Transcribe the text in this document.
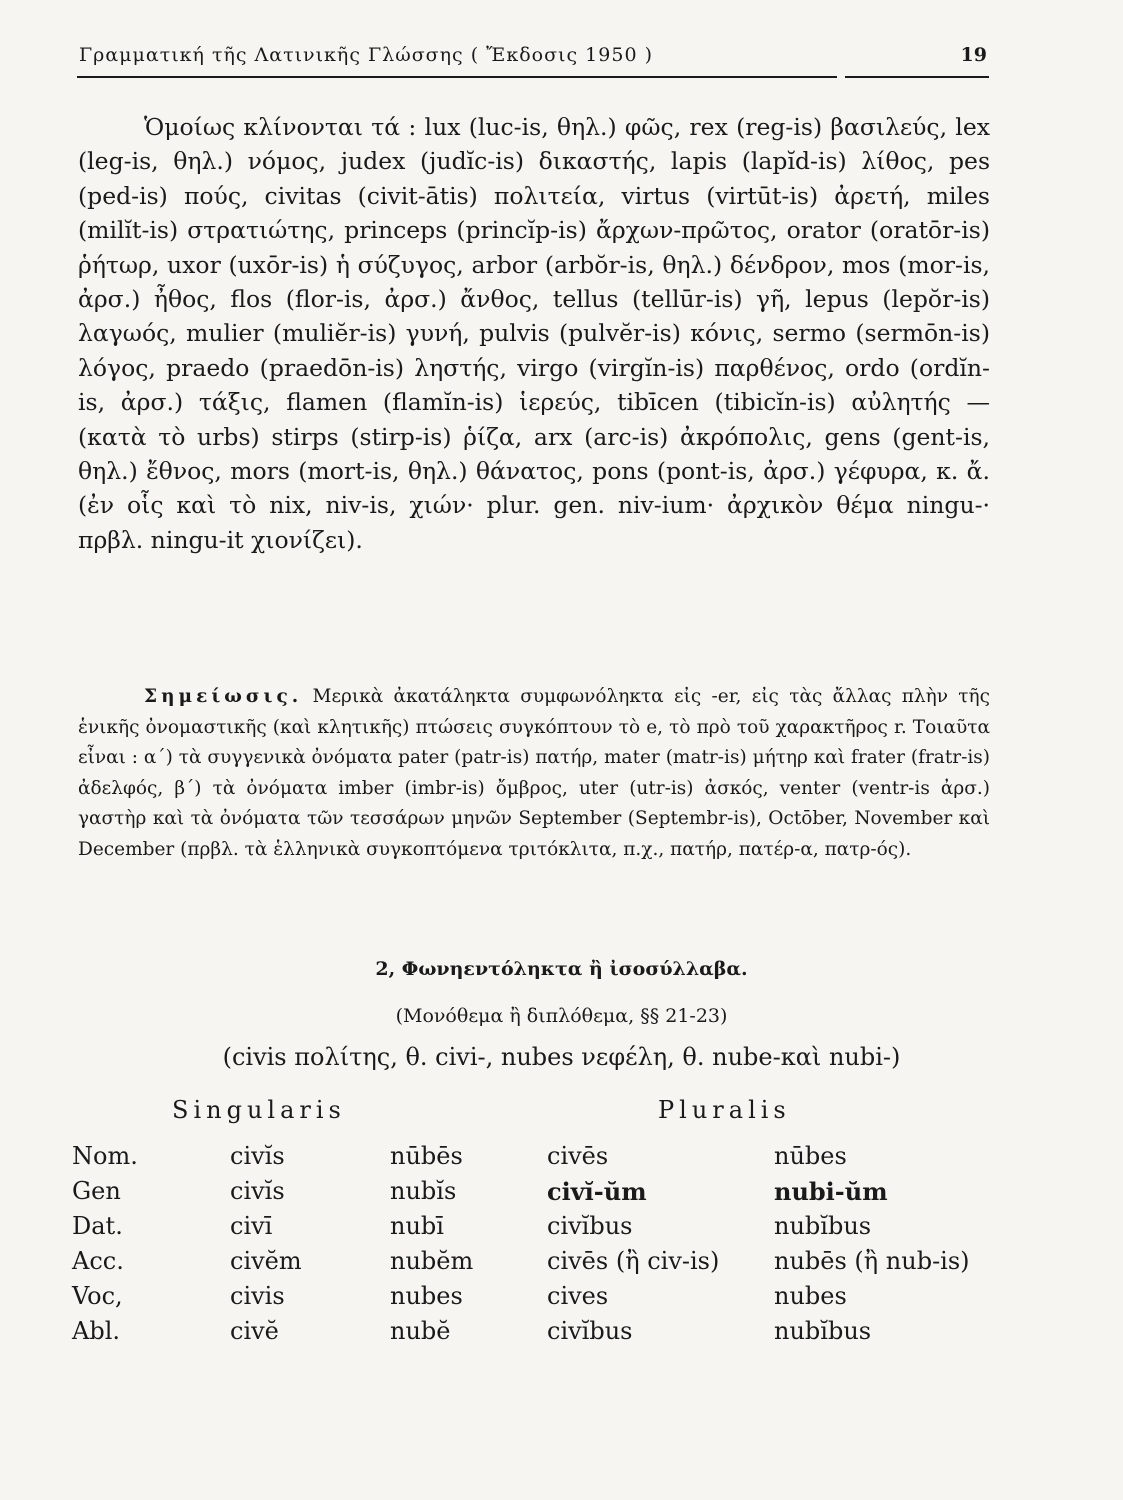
Γραμματική τῆς Λατινικῆς Γλώσσης ( Ἔκδοσις 1950 )	19

Ὁμοίως κλίνονται τά : lux (luc-is, θηλ.) φῶς, rex (reg-is) βασιλεύς, lex (leg-is, θηλ.) νόμος, judex (judĭc-is) δικαστής, lapis (lapĭd-is) λίθος, pes (ped-is) πούς, civitas (civit-ātis) πολιτεία, virtus (virtūt-is) ἀρετή, miles (milĭt-is) στρατιώτης, princeps (princĭp-is) ἄρχων-πρῶτος, orator (oratōr-is) ῥήτωρ, uxor (uxōr-is) ἡ σύζυγος, arbor (arbŏr-is, θηλ.) δένδρον, mos (mor-is, ἀρσ.) ἦθος, flos (flor-is, ἀρσ.) ἄνθος, tellus (tellūr-is) γῆ, lepus (lepŏr-is) λαγωός, mulier (muliĕr-is) γυνή, pulvis (pulvĕr-is) κόνις, sermo (sermōn-is) λόγος, praedo (praedōn-is) ληστής, virgo (virgĭn-is) παρθένος, ordo (ordĭn-is, ἀρσ.) τάξις, flamen (flamĭn-is) ἱερεύς, tibīcen (tibicĭn-is) αὐλητής — (κατὰ τὸ urbs) stirps (stirp-is) ῥίζα, arx (arc-is) ἀκρόπολις, gens (gent-is, θηλ.) ἔθνος, mors (mort-is, θηλ.) θάνατος, pons (pont-is, ἀρσ.) γέφυρα, κ. ἄ. (ἐν οἷς καὶ τὸ nix, niv-is, χιών· plur. gen. niv-ium· ἀρχικὸν θέμα ningu-· πρβλ. ningu-it χιονίζει).

Σημείωσις. Μερικὰ ἀκατάληκτα συμφωνόληκτα εἰς -er, εἰς τὰς ἄλλας πλὴν τῆς ἑνικῆς ὀνομαστικῆς (καὶ κλητικῆς) πτώσεις συγκόπτουν τὸ e, τὸ πρὸ τοῦ χαρακτῆρος r. Τοιαῦτα εἶναι : α΄) τὰ συγγενικὰ ὀνόματα pater (patr-is) πατήρ, mater (matr-is) μήτηρ καὶ frater (fratr-is) ἀδελφός, β΄) τὰ ὀνόματα imber (imbr-is) ὄμβρος, uter (utr-is) ἀσκός, venter (ventr-is ἀρσ.) γαστὴρ καὶ τὰ ὀνόματα τῶν τεσσάρων μηνῶν September (Septembr-is), Octōber, November καὶ December (πρβλ. τὰ ἑλληνικὰ συγκοπτόμενα τριτόκλιτα, π.χ., πατήρ, πατέρ-α, πατρ-ός).

2, Φωνηεντόληκτα ἢ ἰσοσύλλαβα.
(Μονόθεμα ἢ διπλόθεμα, §§ 21-23)
(civis πολίτης, θ. civi-, nubes νεφέλη, θ. nube-καὶ nubi-)
Singularis	Pluralis
Nom.	civĭs	nūbēs	civēs	nūbes
Gen	civĭs	nubĭs	civĭ-ŭm	nubi-ŭm
Dat.	civī	nubī	civĭbus	nubĭbus
Acc.	civĕm	nubĕm	civēs (ἢ civ-is)	nubēs (ἢ nub-is)
Voc,	civis	nubes	cives	nubes
Abl.	civĕ	nubĕ	civĭbus	nubĭbus
